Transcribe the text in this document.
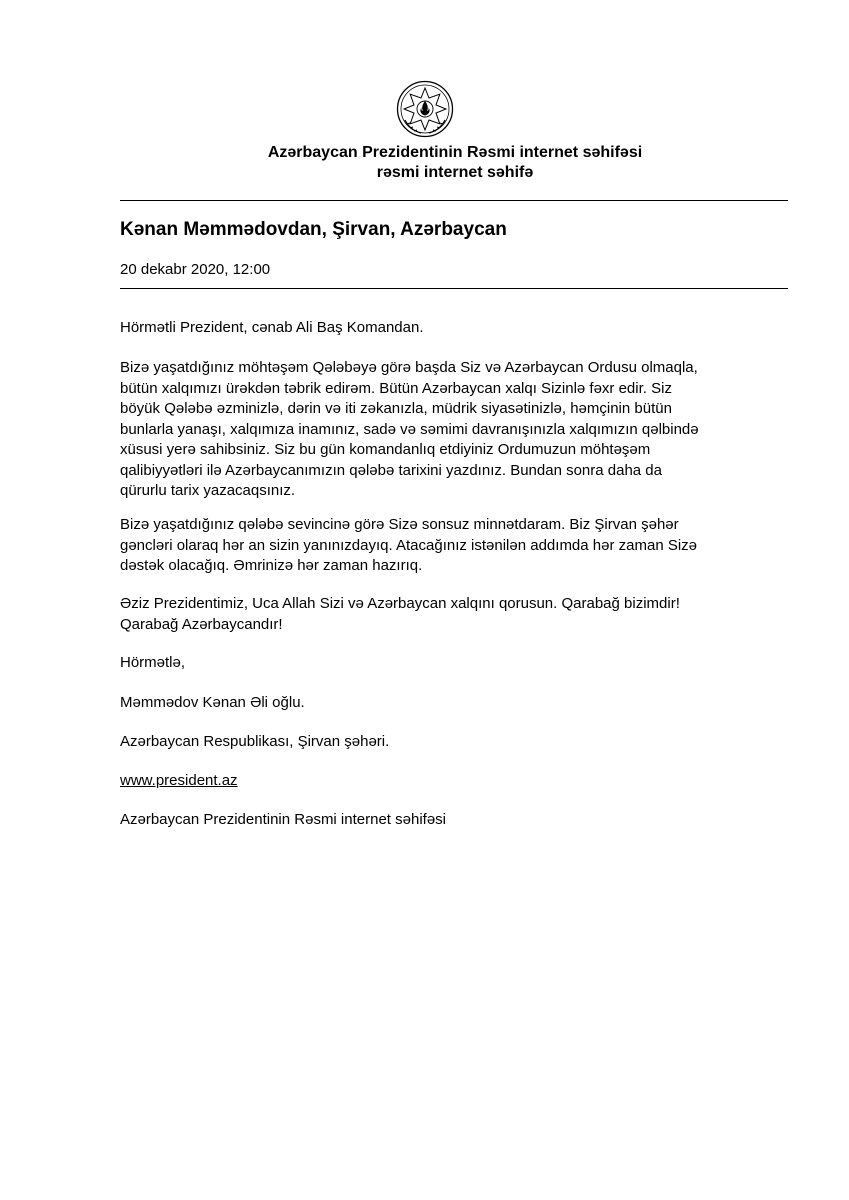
Azərbaycan Prezidentinin Rəsmi internet səhifəsi
rəsmi internet səhifə
Kənan Məmmədovdan, Şirvan, Azərbaycan
20 dekabr 2020, 12:00
Hörmətli Prezident, cənab Ali Baş Komandan.
Bizə yaşatdığınız möhtəşəm Qələbəyə görə başda Siz və Azərbaycan Ordusu olmaqla,
bütün xalqımızı ürəkdən təbrik edirəm. Bütün Azərbaycan xalqı Sizinlə fəxr edir. Siz
böyük Qələbə əzminizlə, dərin və iti zəkanızla, müdrik siyasətinizlə, həmçinin bütün
bunlarla yanaşı, xalqımıza inamınız, sadə və səmimi davranışınızla xalqımızın qəlbində
xüsusi yerə sahibsiniz. Siz bu gün komandanlıq etdiyiniz Ordumuzun möhtəşəm
qalibiyyətləri ilə Azərbaycanımızın qələbə tarixini yazdınız. Bundan sonra daha da
qürurlu tarix yazacaqsınız.
Bizə yaşatdığınız qələbə sevincinə görə Sizə sonsuz minnətdaram. Biz Şirvan şəhər
gəncləri olaraq hər an sizin yanınızdayıq. Atacağınız istənilən addımda hər zaman Sizə
dəstək olacağıq. Əmrinizə hər zaman hazırıq.
Əziz Prezidentimiz, Uca Allah Sizi və Azərbaycan xalqını qorusun. Qarabağ bizimdir!
Qarabağ Azərbaycandır!
Hörmətlə,
Məmmədov Kənan Əli oğlu.
Azərbaycan Respublikası, Şirvan şəhəri.
www.president.az
Azərbaycan Prezidentinin Rəsmi internet səhifəsi
